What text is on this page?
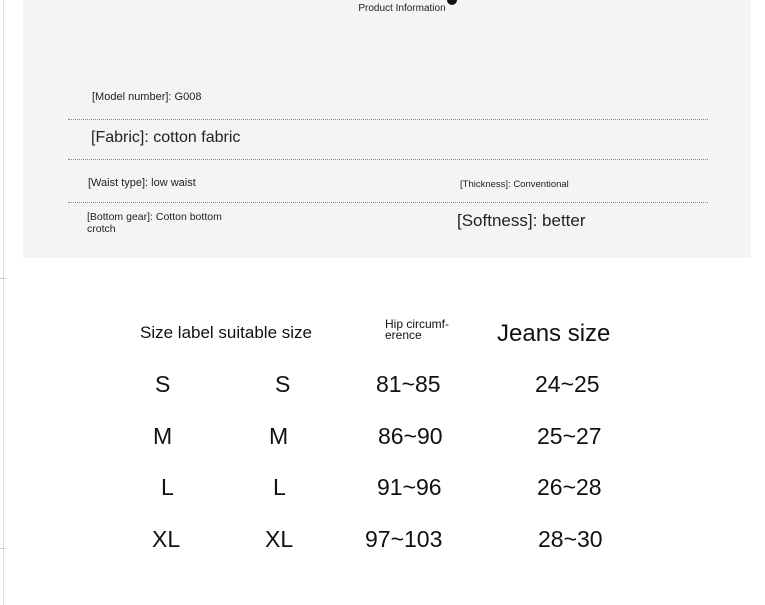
Product Information
[Model number]: G008
[Fabric]: cotton fabric
[Waist type]: low waist	[Thickness]: Conventional
[Bottom gear]: Cotton bottom crotch	[Softness]: better
Size label suitable size	Hip circumf-erence	Jeans size
S	S	81~85	24~25
M	M	86~90	25~27
L	L	91~96	26~28
XL	XL	97~103	28~30
